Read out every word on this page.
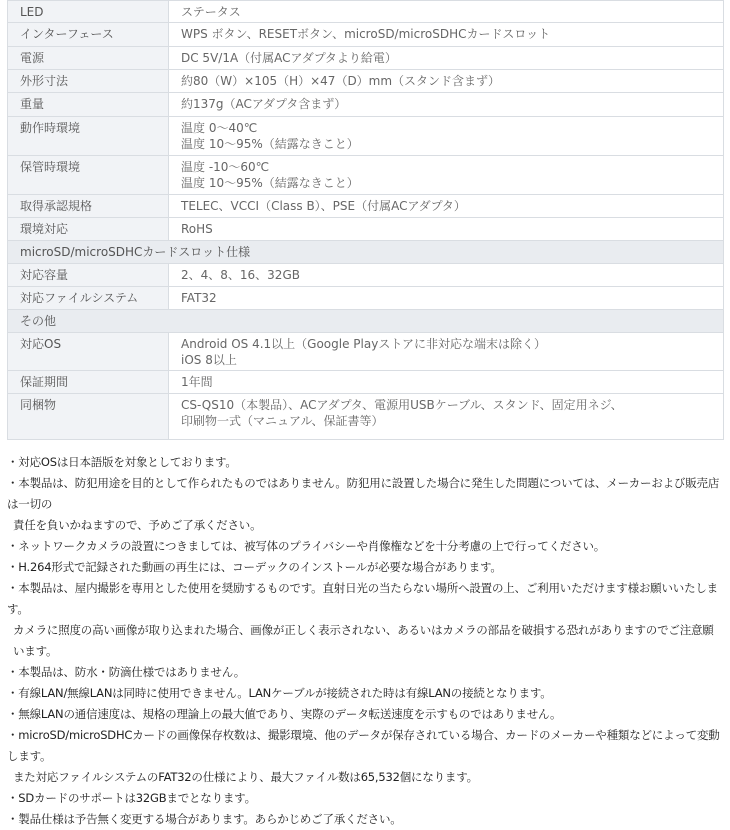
LED	ステータス

インターフェース	WPS ボタン、RESETボタン、microSD/microSDHCカードスロット

電源	DC 5V/1A（付属ACアダプタより給電）

外形寸法	約80（W）×105（H）×47（D）mm（スタンド含まず）

重量	約137g（ACアダプタ含まず）

動作時環境	温度 0～40℃
温度 10～95%（結露なきこと）

保管時環境	温度 -10～60℃
温度 10～95%（結露なきこと）

取得承認規格	TELEC、VCCI（Class B）、PSE（付属ACアダプタ）

環境対応	RoHS

microSD/microSDHCカードスロット仕様	
対応容量	2、4、8、16、32GB

対応ファイルシステム	FAT32

その他	
対応OS	Android OS 4.1以上（Google Playストアに非対応な端末は除く）
iOS 8以上

保証期間	1年間

同梱物	CS-QS10（本製品）、ACアダプタ、電源用USBケーブル、スタンド、固定用ネジ、
印刷物一式（マニュアル、保証書等）
・対応OSは日本語版を対象としております。
・本製品は、防犯用途を目的として作られたものではありません。防犯用に設置した場合に発生した問題については、メーカーおよび販売店は一切の
責任を負いかねますので、予めご了承ください。
・ネットワークカメラの設置につきましては、被写体のプライバシーや肖像権などを十分考慮の上で行ってください。
・H.264形式で記録された動画の再生には、コーデックのインストールが必要な場合があります。
・本製品は、屋内撮影を専用とした使用を奨励するものです。直射日光の当たらない場所へ設置の上、ご利用いただけます様お願いいたします。
カメラに照度の高い画像が取り込まれた場合、画像が正しく表示されない、あるいはカメラの部品を破損する恐れがありますのでご注意願います。
・本製品は、防水・防滴仕様ではありません。
・有線LAN/無線LANは同時に使用できません。LANケーブルが接続された時は有線LANの接続となります。
・無線LANの通信速度は、規格の理論上の最大値であり、実際のデータ転送速度を示すものではありません。
・microSD/microSDHCカードの画像保存枚数は、撮影環境、他のデータが保存されている場合、カードのメーカーや種類などによって変動します。
また対応ファイルシステムのFAT32の仕様により、最大ファイル数は65,532個になります。
・SDカードのサポートは32GBまでとなります。
・製品仕様は予告無く変更する場合があります。あらかじめご了承ください。
